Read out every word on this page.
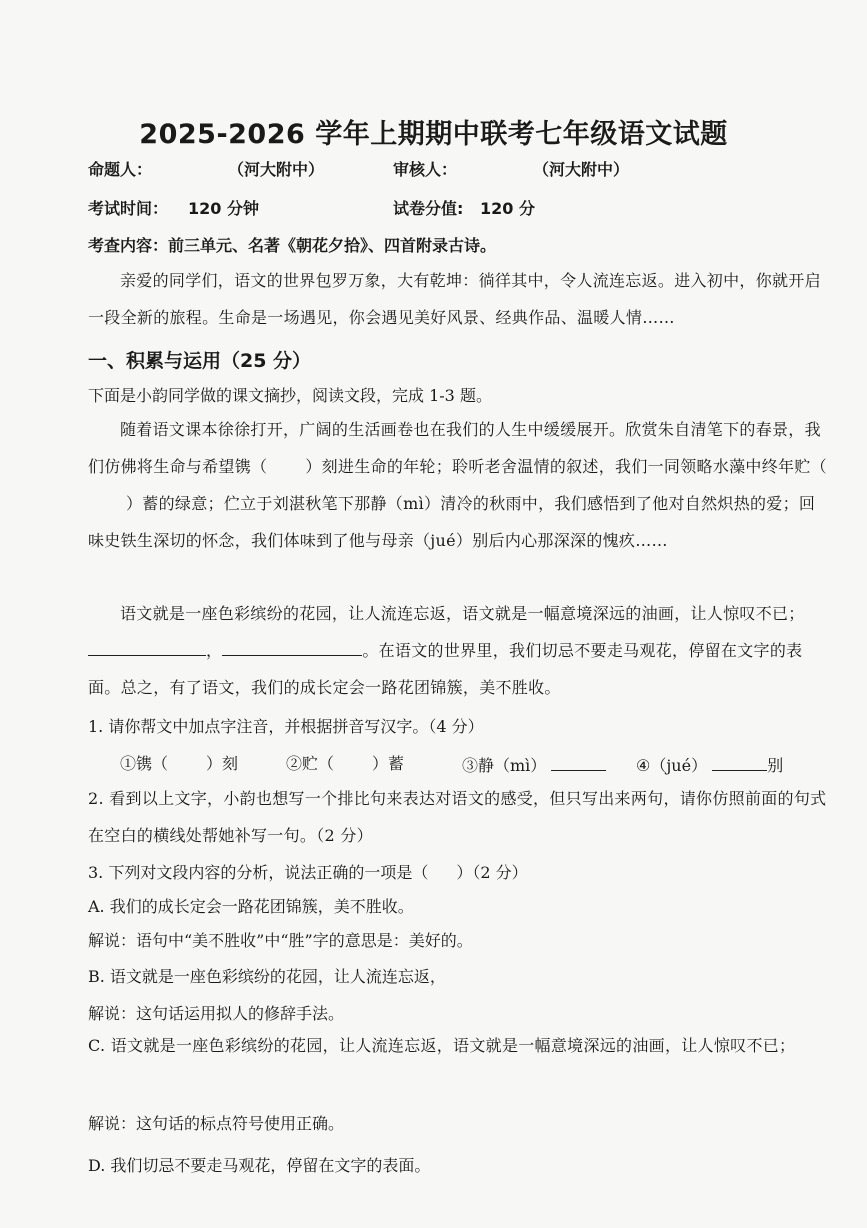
2025-2026 学年上期期中联考七年级语文试题
命题人：	（河大附中）	审核人：	（河大附中）
考试时间： 120 分钟	试卷分值: 120 分
考查内容：前三单元、名著《朝花夕拾》、四首附录古诗。
亲爱的同学们，语文的世界包罗万象，大有乾坤：徜徉其中，令人流连忘返。进入初中，你就开启一段全新的旅程。生命是一场遇见，你会遇见美好风景、经典作品、温暖人情……
一、积累与运用（25 分）
下面是小韵同学做的课文摘抄，阅读文段，完成 1-3 题。
随着语文课本徐徐打开，广阔的生活画卷也在我们的人生中缓缓展开。欣赏朱自清笔下的春景，我们仿佛将生命与希望镌（ ）刻进生命的年轮；聆听老舍温情的叙述，我们一同领略水藻中终年贮（）蓄的绿意；伫立于刘湛秋笔下那静（mì）清冷的秋雨中，我们感悟到了他对自然炽热的爱；回味史铁生深切的怀念，我们体味到了他与母亲（jué）别后内心那深深的愧疚……
语文就是一座色彩缤纷的花园，让人流连忘返，语文就是一幅意境深远的油画，让人惊叹不已；，	。在语文的世界里，我们切忌不要走马观花，停留在文字的表面。总之，有了语文，我们的成长定会一路花团锦簇，美不胜收。
1. 请你帮文中加点字注音，并根据拼音写汉字。（4 分）
①镌（ ）刻	②贮（ ）蓄	③静（mì）	④（jué）	别
2. 看到以上文字，小韵也想写一个排比句来表达对语文的感受，但只写出来两句，请你仿照前面的句式在空白的横线处帮她补写一句。（2 分）
3. 下列对文段内容的分析，说法正确的一项是（ ）（2 分）
A. 我们的成长定会一路花团锦簇，美不胜收。
解说：语句中“美不胜收”中“胜”字的意思是：美好的。
B. 语文就是一座色彩缤纷的花园，让人流连忘返，
解说：这句话运用拟人的修辞手法。
C. 语文就是一座色彩缤纷的花园，让人流连忘返，语文就是一幅意境深远的油画，让人惊叹不已；
解说：这句话的标点符号使用正确。
D. 我们切忌不要走马观花，停留在文字的表面。
